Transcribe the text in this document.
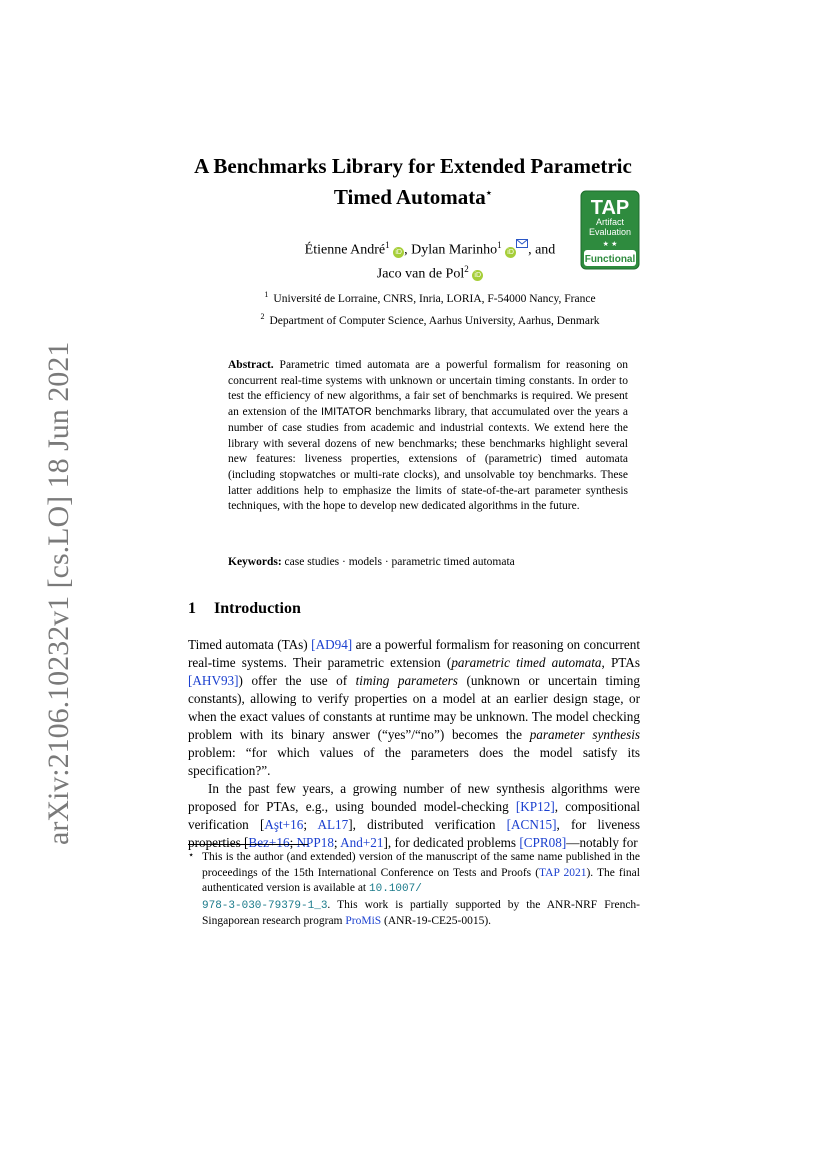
arXiv:2106.10232v1 [cs.LO] 18 Jun 2021
A Benchmarks Library for Extended Parametric
Timed Automata⋆
TAP
Artifact
Evaluation
★ ★
Functional
Étienne André$^1$ iD , Dylan Marinho$^1$ iD , and
Jaco van de Pol$^2$ iD
$^1$ Université de Lorraine, CNRS, Inria, LORIA, F-54000 Nancy, France
$^2$ Department of Computer Science, Aarhus University, Aarhus, Denmark
Abstract. Parametric timed automata are a powerful formalism for reasoning on concurrent real-time systems with unknown or uncertain timing constants. In order to test the efficiency of new algorithms, a fair set of benchmarks is required. We present an extension of the IMITATOR benchmarks library, that accumulated over the years a number of case studies from academic and industrial contexts. We extend here the library with several dozens of new benchmarks; these benchmarks highlight several new features: liveness properties, extensions of (parametric) timed automata (including stopwatches or multi-rate clocks), and unsolvable toy benchmarks. These latter additions help to emphasize the limits of state-of-the-art parameter synthesis techniques, with the hope to develop new dedicated algorithms in the future.
Keywords: case studies · models · parametric timed automata
1 Introduction

Timed automata (TAs) [AD94] are a powerful formalism for reasoning on concurrent real-time systems. Their parametric extension (parametric timed automata, PTAs [AHV93]) offer the use of timing parameters (unknown or uncertain timing constants), allowing to verify properties on a model at an earlier design stage, or when the exact values of constants at runtime may be unknown. The model checking problem with its binary answer (“yes”/“no”) becomes the parameter synthesis problem: “for which values of the parameters does the model satisfy its specification?”.

In the past few years, a growing number of new synthesis algorithms were proposed for PTAs, e.g., using bounded model-checking [KP12], compositional verification [Aşt+16; AL17], distributed verification [ACN15], for liveness properties [Bez+16; NPP18; And+21], for dedicated problems [CPR08]—notably for

⋆ This is the author (and extended) version of the manuscript of the same name published in the proceedings of the 15th International Conference on Tests and Proofs (TAP 2021). The final authenticated version is available at 10.1007/
978-3-030-79379-1_3. This work is partially supported by the ANR-NRF French-Singaporean research program ProMiS (ANR-19-CE25-0015).
